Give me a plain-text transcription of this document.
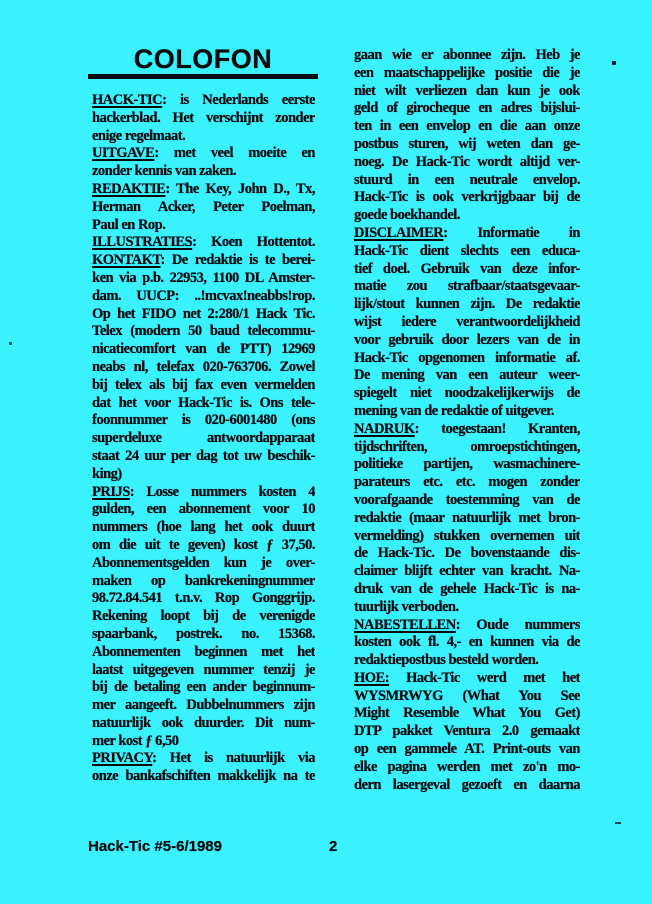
COLOFON
HACK-TIC: is Nederlands eerste
hackerblad. Het verschijnt zonder
enige regelmaat.
UITGAVE: met veel moeite en
zonder kennis van zaken.
REDAKTIE: The Key, John D., Tx,
Herman Acker, Peter Poelman,
Paul en Rop.
ILLUSTRATIES: Koen Hottentot.
KONTAKT: De redaktie is te berei-
ken via p.b. 22953, 1100 DL Amster-
dam. UUCP: ..!mcvax!neabbs!rop.
Op het FIDO net 2:280/1 Hack Tic.
Telex (modern 50 baud telecommu-
nicatiecomfort van de PTT) 12969
neabs nl, telefax 020-763706. Zowel
bij telex als bij fax even vermelden
dat het voor Hack-Tic is. Ons tele-
foonnummer is 020-6001480 (ons
superdeluxe antwoordapparaat
staat 24 uur per dag tot uw beschik-
king)
PRIJS: Losse nummers kosten 4
gulden, een abonnement voor 10
nummers (hoe lang het ook duurt
om die uit te geven) kost ƒ 37,50.
Abonnementsgelden kun je over-
maken op bankrekeningnummer
98.72.84.541 t.n.v. Rop Gonggrijp.
Rekening loopt bij de verenigde
spaarbank, postrek. no. 15368.
Abonnementen beginnen met het
laatst uitgegeven nummer tenzij je
bij de betaling een ander beginnum-
mer aangeeft. Dubbelnummers zijn
natuurlijk ook duurder. Dit num-
mer kost ƒ 6,50
PRIVACY: Het is natuurlijk via
onze bankafschiften makkelijk na te
gaan wie er abonnee zijn. Heb je
een maatschappelijke positie die je
niet wilt verliezen dan kun je ook
geld of girocheque en adres bijslui-
ten in een envelop en die aan onze
postbus sturen, wij weten dan ge-
noeg. De Hack-Tic wordt altijd ver-
stuurd in een neutrale envelop.
Hack-Tic is ook verkrijgbaar bij de
goede boekhandel.
DISCLAIMER: Informatie in
Hack-Tic dient slechts een educa-
tief doel. Gebruik van deze infor-
matie zou strafbaar/staatsgevaar-
lijk/stout kunnen zijn. De redaktie
wijst iedere verantwoordelijkheid
voor gebruik door lezers van de in
Hack-Tic opgenomen informatie af.
De mening van een auteur weer-
spiegelt niet noodzakelijkerwijs de
mening van de redaktie of uitgever.
NADRUK: toegestaan! Kranten,
tijdschriften, omroepstichtingen,
politieke partijen, wasmachinere-
parateurs etc. etc. mogen zonder
voorafgaande toestemming van de
redaktie (maar natuurlijk met bron-
vermelding) stukken overnemen uit
de Hack-Tic. De bovenstaande dis-
claimer blijft echter van kracht. Na-
druk van de gehele Hack-Tic is na-
tuurlijk verboden.
NABESTELLEN: Oude nummers
kosten ook fl. 4,- en kunnen via de
redaktiepostbus besteld worden.
HOE: Hack-Tic werd met het
WYSMRWYG (What You See
Might Resemble What You Get)
DTP pakket Ventura 2.0 gemaakt
op een gammele AT. Print-outs van
elke pagina werden met zo'n mo-
dern lasergeval gezoeft en daarna
Hack-Tic #5-6/1989	2
